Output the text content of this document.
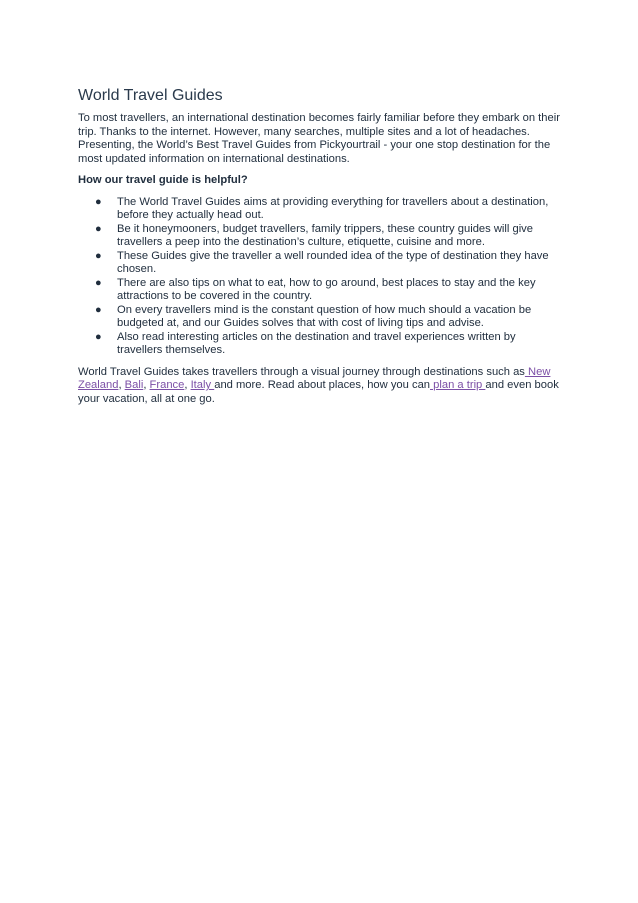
World Travel Guides

To most travellers, an international destination becomes fairly familiar before they embark on their trip. Thanks to the internet. However, many searches, multiple sites and a lot of headaches. Presenting, the World’s Best Travel Guides from Pickyourtrail - your one stop destination for the most updated information on international destinations.

How our travel guide is helpful?

● The World Travel Guides aims at providing everything for travellers about a destination, before they actually head out.
● Be it honeymooners, budget travellers, family trippers, these country guides will give travellers a peep into the destination’s culture, etiquette, cuisine and more.
● These Guides give the traveller a well rounded idea of the type of destination they have chosen.
● There are also tips on what to eat, how to go around, best places to stay and the key attractions to be covered in the country.
● On every travellers mind is the constant question of how much should a vacation be budgeted at, and our Guides solves that with cost of living tips and advise.
● Also read interesting articles on the destination and travel experiences written by travellers themselves.

World Travel Guides takes travellers through a visual journey through destinations such as New Zealand, Bali, France, Italy and more. Read about places, how you can plan a trip and even book your vacation, all at one go.
